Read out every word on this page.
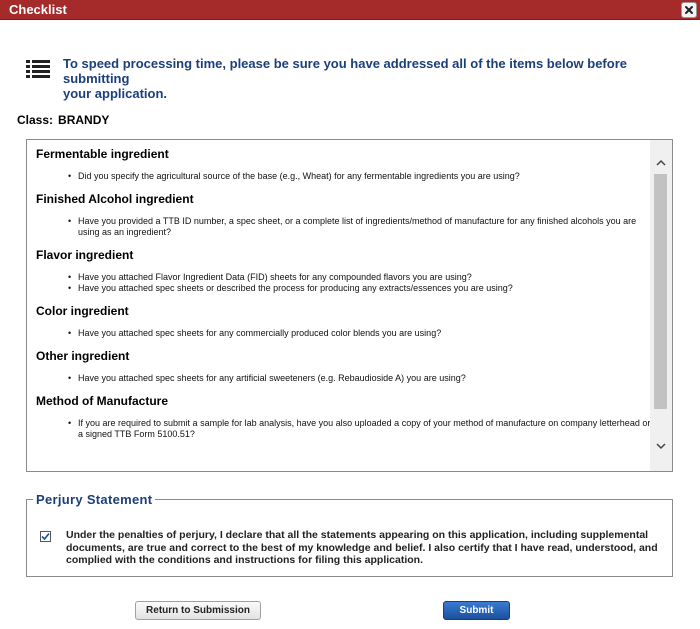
Checklist
To speed processing time, please be sure you have addressed all of the items below before submitting
your application.
Class: BRANDY
Fermentable ingredient
• Did you specify the agricultural source of the base (e.g., Wheat) for any fermentable ingredients you are using?
Finished Alcohol ingredient
• Have you provided a TTB ID number, a spec sheet, or a complete list of ingredients/method of manufacture for any finished alcohols you are using as an ingredient?
Flavor ingredient
• Have you attached Flavor Ingredient Data (FID) sheets for any compounded flavors you are using?
• Have you attached spec sheets or described the process for producing any extracts/essences you are using?
Color ingredient
• Have you attached spec sheets for any commercially produced color blends you are using?
Other ingredient
• Have you attached spec sheets for any artificial sweeteners (e.g. Rebaudioside A) you are using?
Method of Manufacture
• If you are required to submit a sample for lab analysis, have you also uploaded a copy of your method of manufacture on company letterhead or a signed TTB Form 5100.51?
Perjury Statement
Under the penalties of perjury, I declare that all the statements appearing on this application, including supplemental documents, are true and correct to the best of my knowledge and belief. I also certify that I have read, understood, and complied with the conditions and instructions for filing this application.
Return to Submission	Submit
